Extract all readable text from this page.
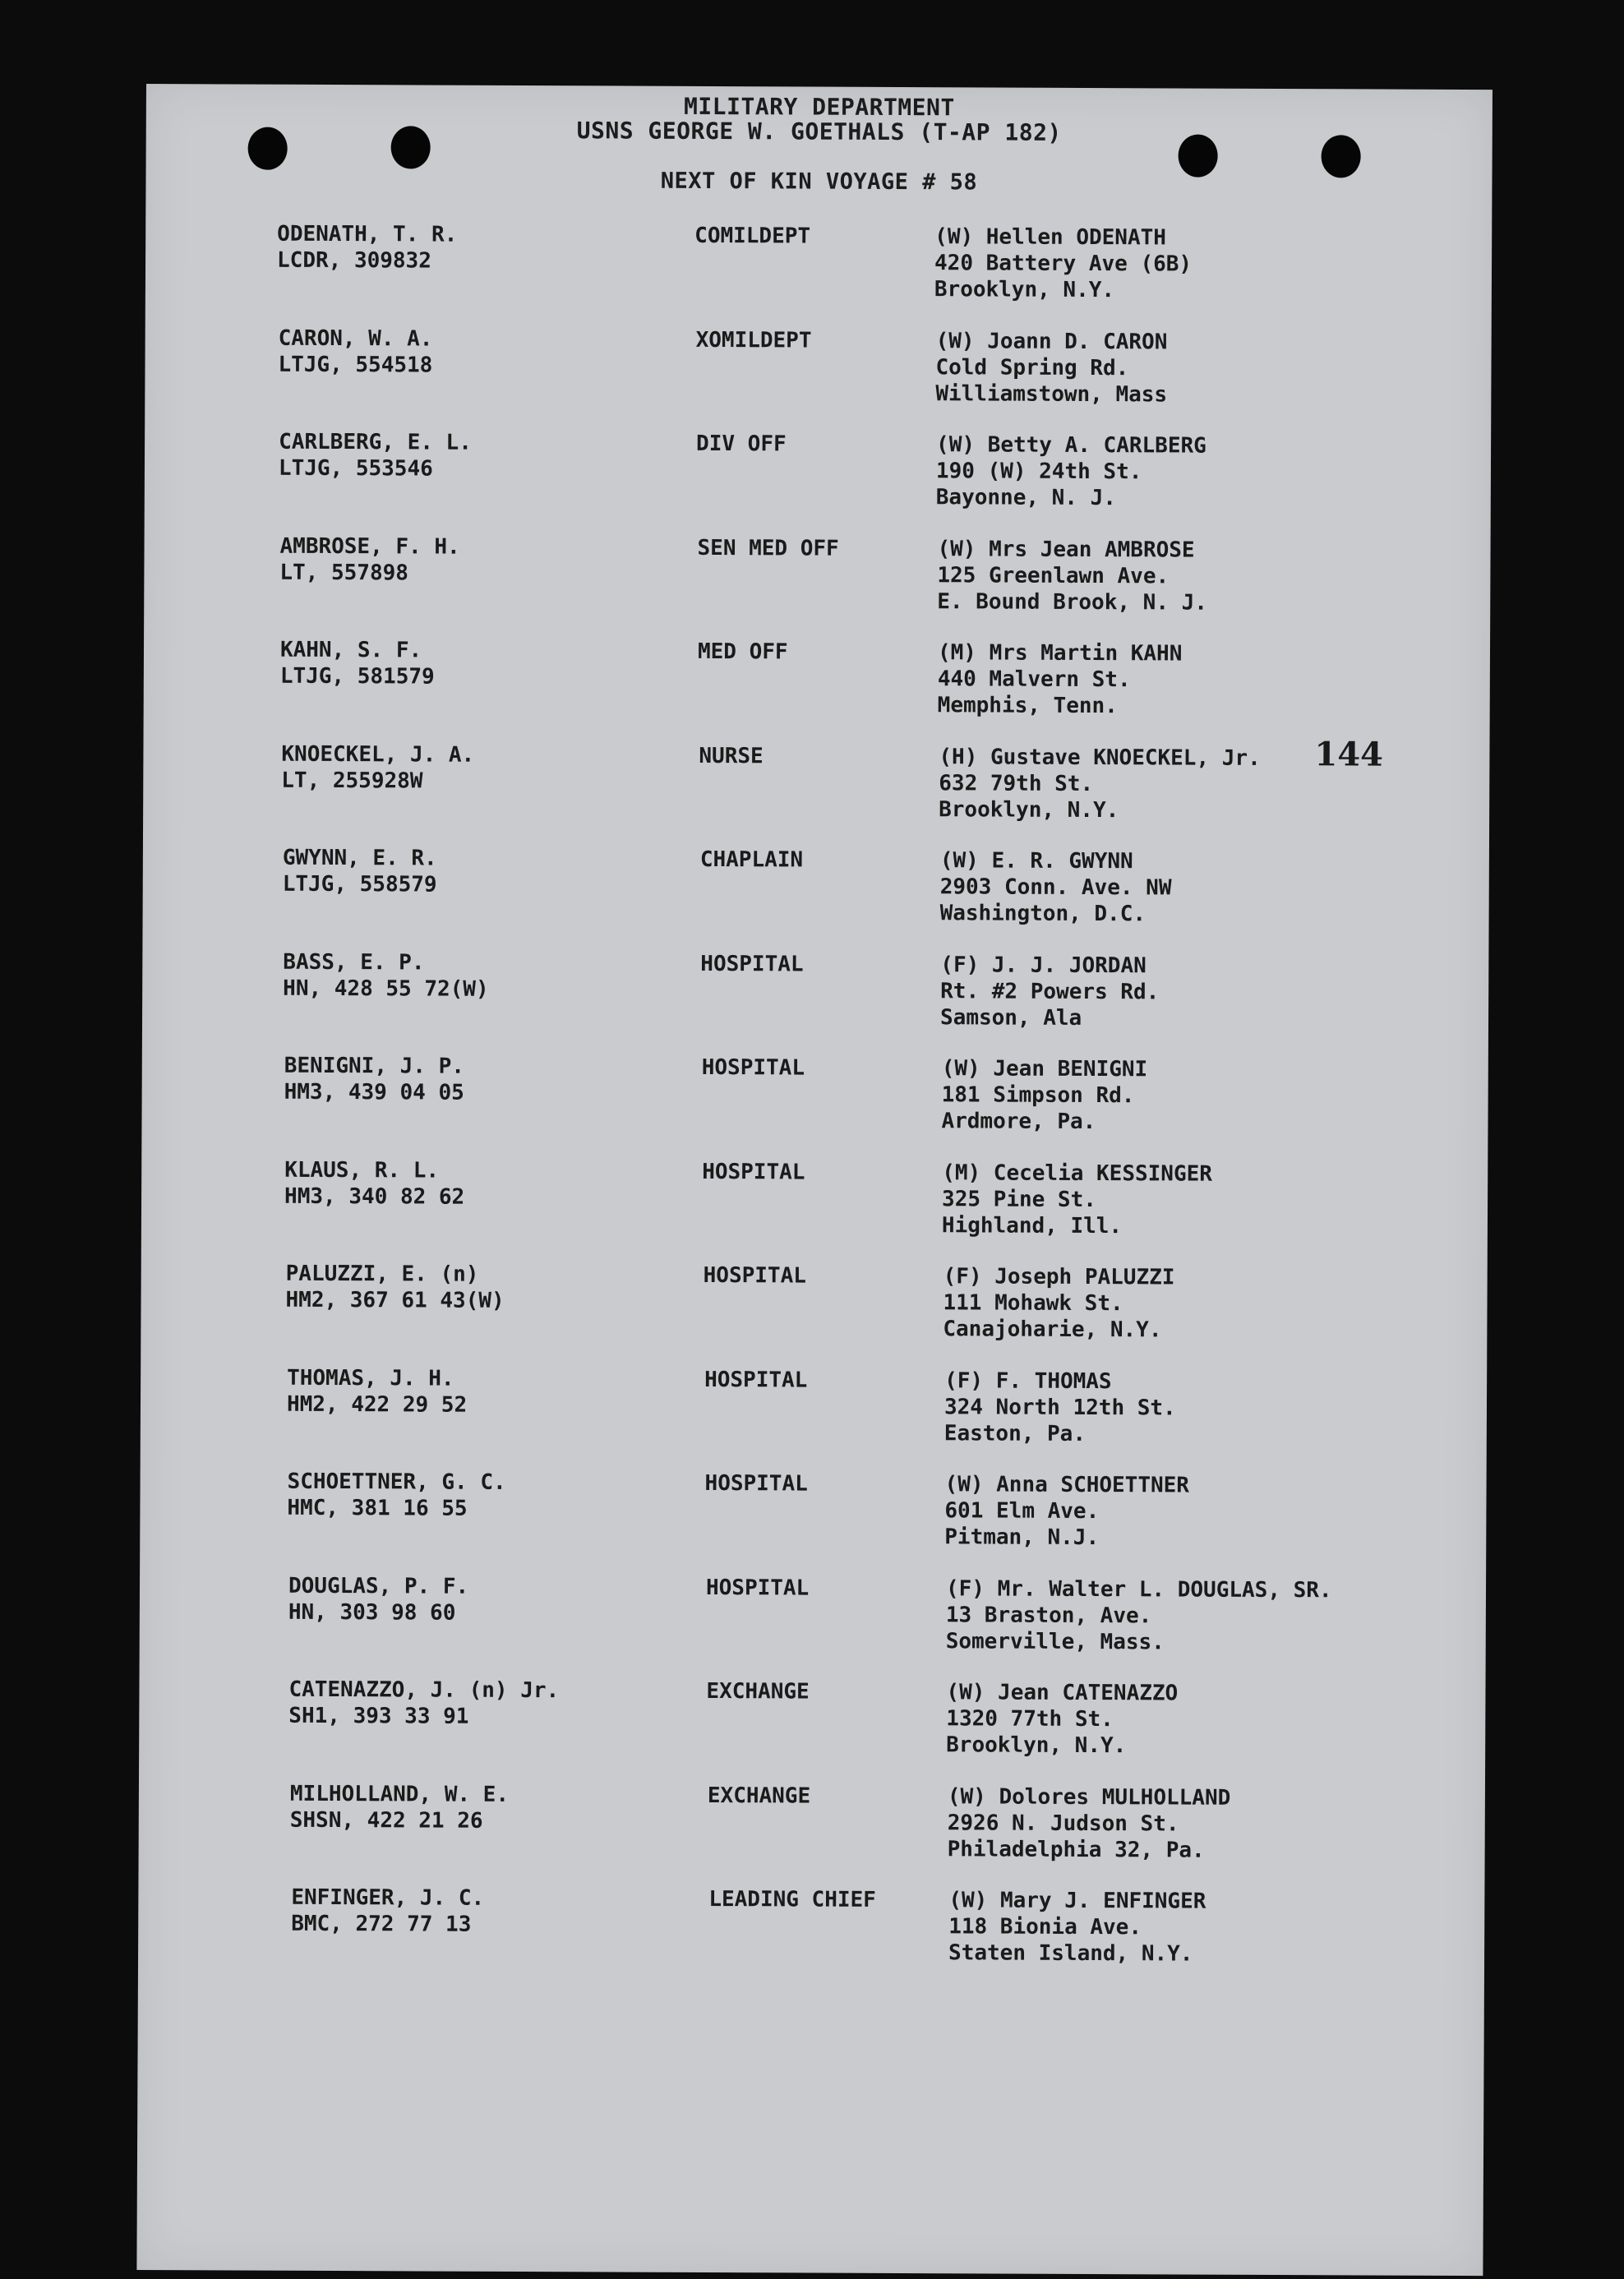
MILITARY DEPARTMENT
USNS GEORGE W. GOETHALS (T-AP 182)
NEXT OF KIN VOYAGE # 58
144
ODENATH, T. R.
LCDR, 309832
COMILDEPT	(W) Hellen ODENATH
420 Battery Ave (6B)
Brooklyn, N.Y.
CARON, W. A.
LTJG, 554518
XOMILDEPT	(W) Joann D. CARON
Cold Spring Rd.
Williamstown, Mass
CARLBERG, E. L.
LTJG, 553546
DIV OFF	(W) Betty A. CARLBERG
190 (W) 24th St.
Bayonne, N. J.
AMBROSE, F. H.
LT, 557898
SEN MED OFF	(W) Mrs Jean AMBROSE
125 Greenlawn Ave.
E. Bound Brook, N. J.
KAHN, S. F.
LTJG, 581579
MED OFF	(M) Mrs Martin KAHN
440 Malvern St.
Memphis, Tenn.
KNOECKEL, J. A.
LT, 255928W
NURSE	(H) Gustave KNOECKEL, Jr.
632 79th St.
Brooklyn, N.Y.
GWYNN, E. R.
LTJG, 558579
CHAPLAIN	(W) E. R. GWYNN
2903 Conn. Ave. NW
Washington, D.C.
BASS, E. P.
HN, 428 55 72(W)
HOSPITAL	(F) J. J. JORDAN
Rt. #2 Powers Rd.
Samson, Ala
BENIGNI, J. P.
HM3, 439 04 05
HOSPITAL	(W) Jean BENIGNI
181 Simpson Rd.
Ardmore, Pa.
KLAUS, R. L.
HM3, 340 82 62
HOSPITAL	(M) Cecelia KESSINGER
325 Pine St.
Highland, Ill.
PALUZZI, E. (n)
HM2, 367 61 43(W)
HOSPITAL	(F) Joseph PALUZZI
111 Mohawk St.
Canajoharie, N.Y.
THOMAS, J. H.
HM2, 422 29 52
HOSPITAL	(F) F. THOMAS
324 North 12th St.
Easton, Pa.
SCHOETTNER, G. C.
HMC, 381 16 55
HOSPITAL	(W) Anna SCHOETTNER
601 Elm Ave.
Pitman, N.J.
DOUGLAS, P. F.
HN, 303 98 60
HOSPITAL	(F) Mr. Walter L. DOUGLAS, SR.
13 Braston, Ave.
Somerville, Mass.
CATENAZZO, J. (n) Jr.
SH1, 393 33 91
EXCHANGE	(W) Jean CATENAZZO
1320 77th St.
Brooklyn, N.Y.
MILHOLLAND, W. E.
SHSN, 422 21 26
EXCHANGE	(W) Dolores MULHOLLAND
2926 N. Judson St.
Philadelphia 32, Pa.
ENFINGER, J. C.
BMC, 272 77 13
LEADING CHIEF	(W) Mary J. ENFINGER
118 Bionia Ave.
Staten Island, N.Y.
